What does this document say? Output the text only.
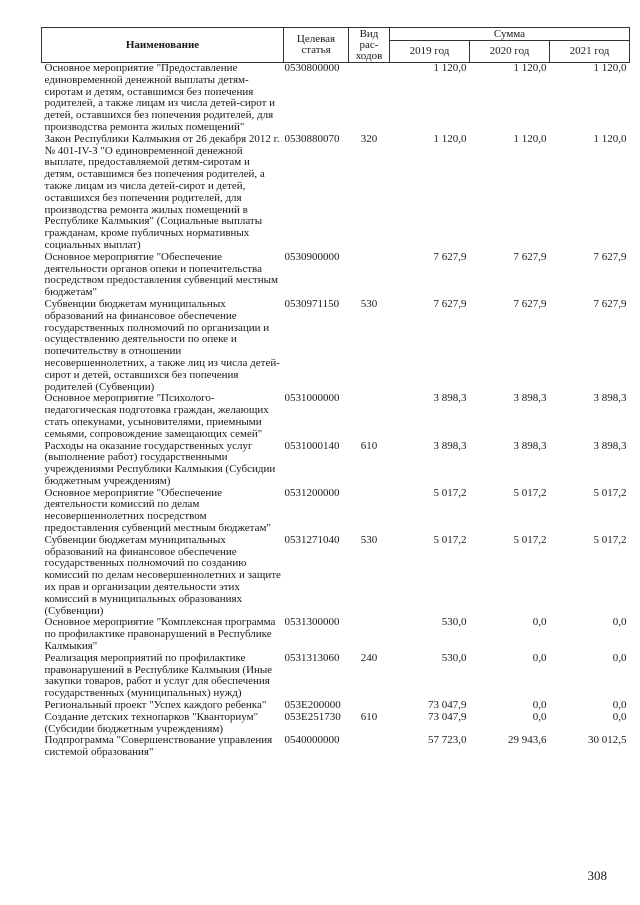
Наименование	Целевая статья	Вид рас-ходов	Сумма		
			2019 год	2020 год	2021 год
Основное мероприятие "Предоставление единовременной денежной выплаты детям-сиротам и детям, оставшимся без попечения родителей, а также лицам из числа детей-сирот и детей, оставшихся без попечения родителей, для производства ремонта жилых помещений"	0530800000		1 120,0	1 120,0	1 120,0
Закон Республики Калмыкия от 26 декабря 2012 г. № 401-IV-З "О единовременной денежной выплате, предоставляемой детям-сиротам и детям, оставшимся без попечения родителей, а также лицам из числа детей-сирот и детей, оставшихся без попечения родителей, для производства ремонта жилых помещений в Республике Калмыкия" (Социальные выплаты гражданам, кроме публичных нормативных социальных выплат)	0530880070	320	1 120,0	1 120,0	1 120,0
Основное мероприятие "Обеспечение деятельности органов опеки и попечительства посредством предоставления субвенций местным бюджетам"	0530900000		7 627,9	7 627,9	7 627,9
Субвенции бюджетам муниципальных образований на финансовое обеспечение государственных полномочий по организации и осуществлению деятельности по опеке и попечительству в отношении несовершеннолетних, а также лиц из числа детей-сирот и детей, оставшихся без попечения родителей (Субвенции)	0530971150	530	7 627,9	7 627,9	7 627,9
Основное мероприятие "Психолого-педагогическая подготовка граждан, желающих стать опекунами, усыновителями, приемными семьями, сопровождение замещающих семей"	0531000000		3 898,3	3 898,3	3 898,3
Расходы на оказание государственных услуг (выполнение работ) государственными учреждениями Республики Калмыкия (Субсидии бюджетным учреждениям)	0531000140	610	3 898,3	3 898,3	3 898,3
Основное мероприятие "Обеспечение деятельности комиссий по делам несовершеннолетних посредством предоставления субвенций местным бюджетам"	0531200000		5 017,2	5 017,2	5 017,2
Субвенции бюджетам муниципальных образований на финансовое обеспечение государственных полномочий по созданию комиссий по делам несовершеннолетних и защите их прав и организации деятельности этих комиссий в муниципальных образованиях (Субвенции)	0531271040	530	5 017,2	5 017,2	5 017,2
Основное мероприятие "Комплексная программа по профилактике правонарушений в Республике Калмыкия"	0531300000		530,0	0,0	0,0
Реализация мероприятий по профилактике правонарушений в Республике Калмыкия (Иные закупки товаров, работ и услуг для обеспечения государственных (муниципальных) нужд)	0531313060	240	530,0	0,0	0,0
Региональный проект "Успех каждого ребенка"	053E200000		73 047,9	0,0	0,0
Создание детских технопарков "Кванториум" (Субсидии бюджетным учреждениям)	053E251730	610	73 047,9	0,0	0,0
Подпрограмма "Совершенствование управления системой образования"	0540000000		57 723,0	29 943,6	30 012,5
308
